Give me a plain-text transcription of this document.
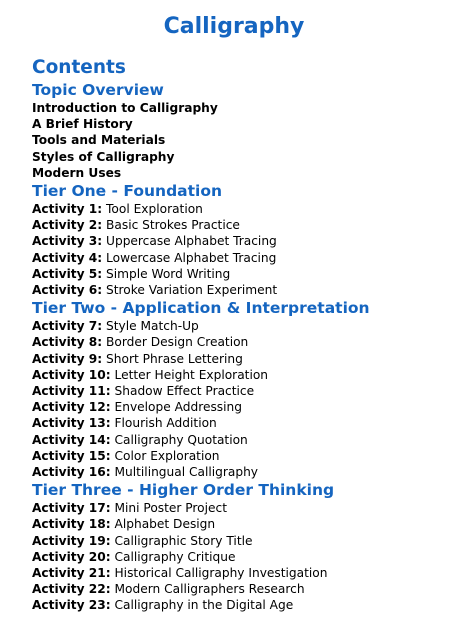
Calligraphy
Contents
Topic Overview
Introduction to Calligraphy
A Brief History
Tools and Materials
Styles of Calligraphy
Modern Uses
Tier One - Foundation
Activity 1: Tool Exploration
Activity 2: Basic Strokes Practice
Activity 3: Uppercase Alphabet Tracing
Activity 4: Lowercase Alphabet Tracing
Activity 5: Simple Word Writing
Activity 6: Stroke Variation Experiment
Tier Two - Application & Interpretation
Activity 7: Style Match-Up
Activity 8: Border Design Creation
Activity 9: Short Phrase Lettering
Activity 10: Letter Height Exploration
Activity 11: Shadow Effect Practice
Activity 12: Envelope Addressing
Activity 13: Flourish Addition
Activity 14: Calligraphy Quotation
Activity 15: Color Exploration
Activity 16: Multilingual Calligraphy
Tier Three - Higher Order Thinking
Activity 17: Mini Poster Project
Activity 18: Alphabet Design
Activity 19: Calligraphic Story Title
Activity 20: Calligraphy Critique
Activity 21: Historical Calligraphy Investigation
Activity 22: Modern Calligraphers Research
Activity 23: Calligraphy in the Digital Age
